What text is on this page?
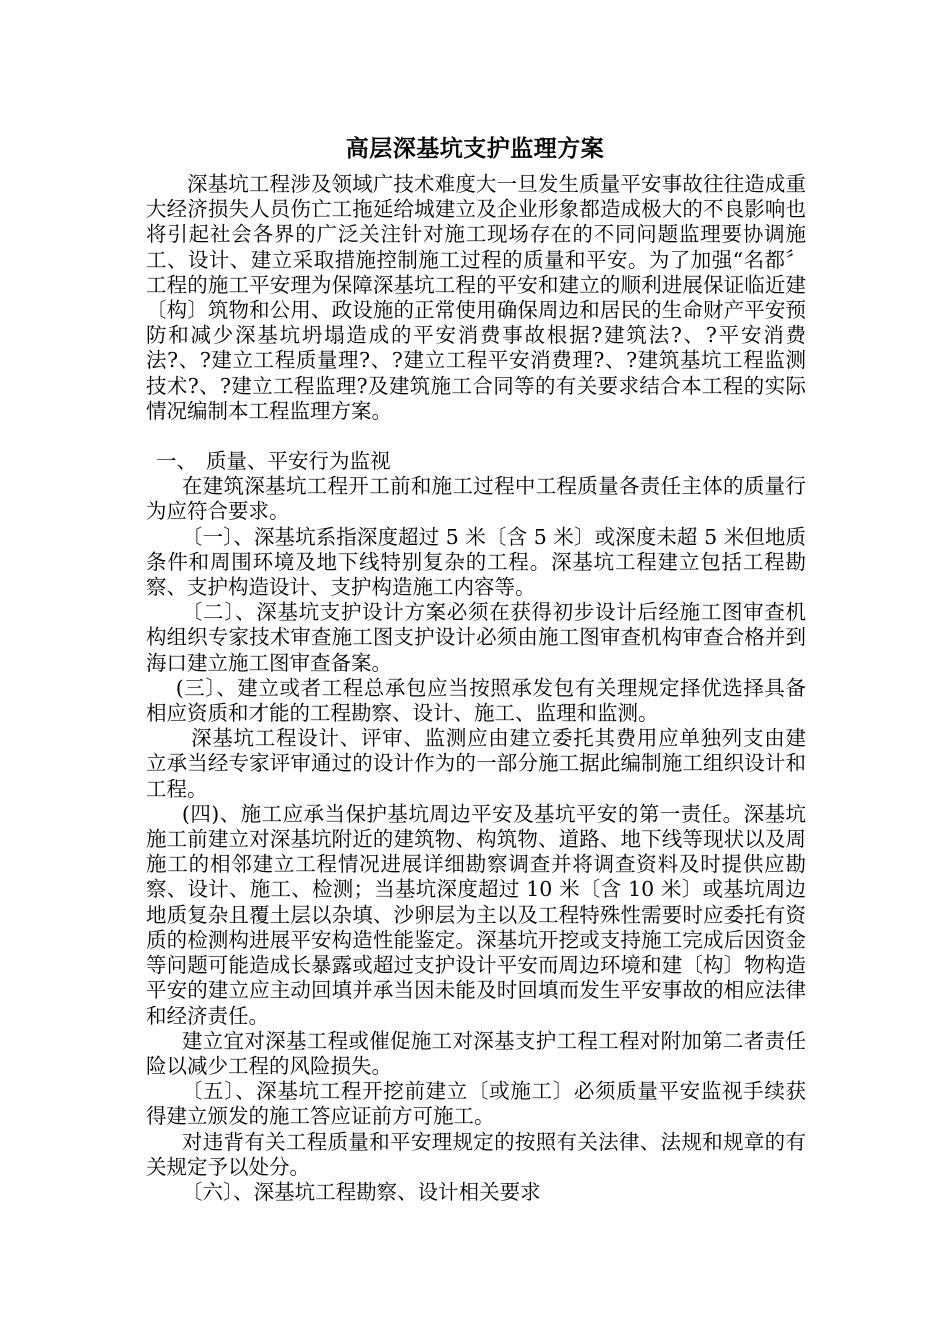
高层深基坑支护监理方案

深基坑工程涉及领域广技术难度大一旦发生质量平安事故往往造成重大经济损失人员伤亡工拖延给城建立及企业形象都造成极大的不良影响也将引起社会各界的广泛关注针对施工现场存在的不同问题监理要协调施工、设计、建立采取措施控制施工过程的质量和平安。为了加强“名都〞工程的施工平安理为保障深基坑工程的平安和建立的顺利进展保证临近建〔构〕筑物和公用、政设施的正常使用确保周边和居民的生命财产平安预防和减少深基坑坍塌造成的平安消费事故根据?建筑法?、?平安消费法?、?建立工程质量理?、?建立工程平安消费理?、?建筑基坑工程监测技术?、?建立工程监理?及建筑施工合同等的有关要求结合本工程的实际情况编制本工程监理方案。

一、 质量、平安行为监视

在建筑深基坑工程开工前和施工过程中工程质量各责任主体的质量行为应符合要求。

〔一〕、深基坑系指深度超过 5 米〔含 5 米〕或深度未超 5 米但地质条件和周围环境及地下线特别复杂的工程。深基坑工程建立包括工程勘察、支护构造设计、支护构造施工内容等。

〔二〕、深基坑支护设计方案必须在获得初步设计后经施工图审查机构组织专家技术审查施工图支护设计必须由施工图审查机构审查合格并到海口建立施工图审查备案。

(三〕、建立或者工程总承包应当按照承发包有关理规定择优选择具备相应资质和才能的工程勘察、设计、施工、监理和监测。

深基坑工程设计、评审、监测应由建立委托其费用应单独列支由建立承当经专家评审通过的设计作为的一部分施工据此编制施工组织设计和工程。

(四)、施工应承当保护基坑周边平安及基坑平安的第一责任。深基坑施工前建立对深基坑附近的建筑物、构筑物、道路、地下线等现状以及周施工的相邻建立工程情况进展详细勘察调查并将调查资料及时提供应勘察、设计、施工、检测；当基坑深度超过 10 米〔含 10 米〕或基坑周边地质复杂且覆土层以杂填、沙卵层为主以及工程特殊性需要时应委托有资质的检测构进展平安构造性能鉴定。深基坑开挖或支持施工完成后因资金等问题可能造成长暴露或超过支护设计平安而周边环境和建〔构〕物构造平安的建立应主动回填并承当因未能及时回填而发生平安事故的相应法律和经济责任。

建立宜对深基工程或催促施工对深基支护工程工程对附加第二者责任险以减少工程的风险损失。

〔五〕、深基坑工程开挖前建立〔或施工〕必须质量平安监视手续获得建立颁发的施工答应证前方可施工。

对违背有关工程质量和平安理规定的按照有关法律、法规和规章的有关规定予以处分。

〔六〕、深基坑工程勘察、设计相关要求
